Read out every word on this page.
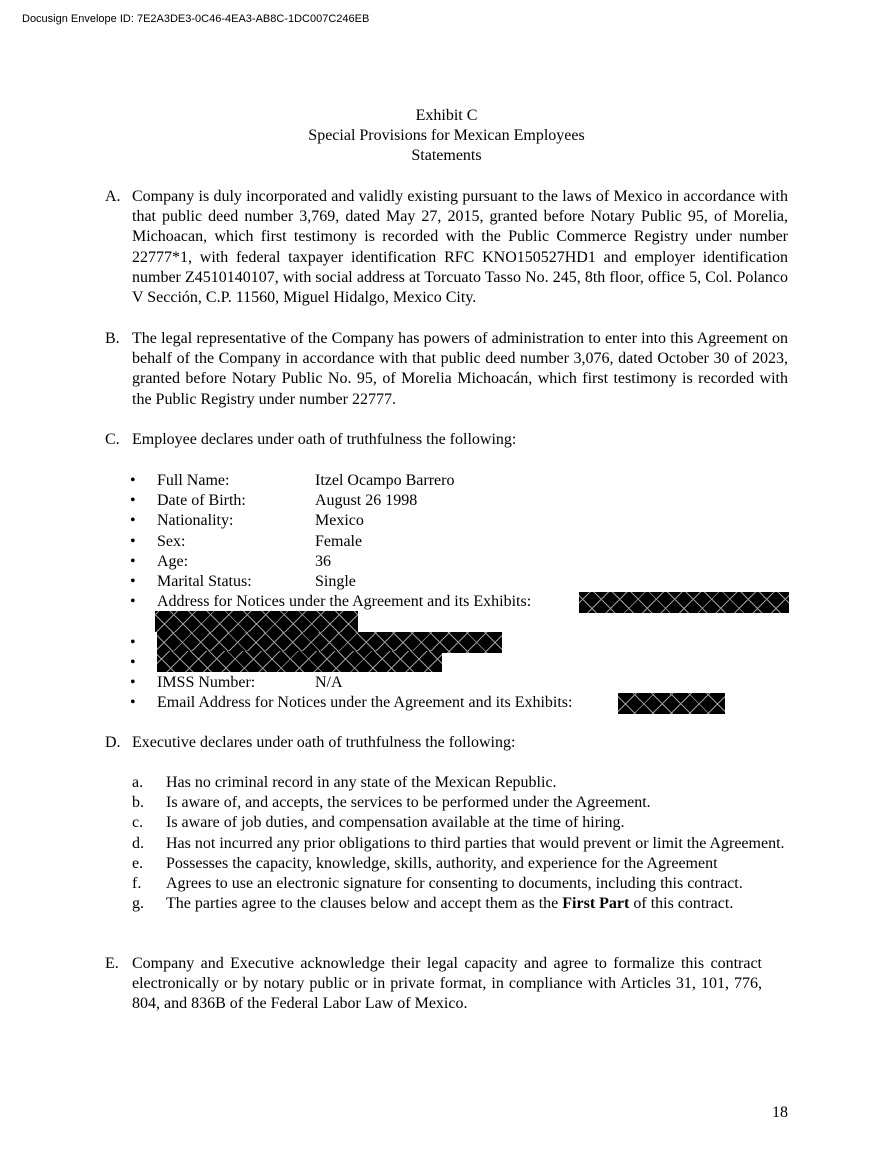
Docusign Envelope ID: 7E2A3DE3-0C46-4EA3-AB8C-1DC007C246EB
Exhibit C
Special Provisions for Mexican Employees
Statements
A. Company is duly incorporated and validly existing pursuant to the laws of Mexico in accordance with that public deed number 3,769, dated May 27, 2015, granted before Notary Public 95, of Morelia, Michoacan, which first testimony is recorded with the Public Commerce Registry under number 22777*1, with federal taxpayer identification RFC KNO150527HD1 and employer identification number Z4510140107, with social address at Torcuato Tasso No. 245, 8th floor, office 5, Col. Polanco V Sección, C.P. 11560, Miguel Hidalgo, Mexico City.
B. The legal representative of the Company has powers of administration to enter into this Agreement on behalf of the Company in accordance with that public deed number 3,076, dated October 30 of 2023, granted before Notary Public No. 95, of Morelia Michoacán, which first testimony is recorded with the Public Registry under number 22777.
C. Employee declares under oath of truthfulness the following:
• Full Name:	Itzel Ocampo Barrero
• Date of Birth:	August 26 1998
• Nationality:	Mexico
• Sex:	Female
• Age:	36
• Marital Status:	Single
• Address for Notices under the Agreement and its Exhibits:
•
•
• IMSS Number:	N/A
• Email Address for Notices under the Agreement and its Exhibits:
D. Executive declares under oath of truthfulness the following:
a. Has no criminal record in any state of the Mexican Republic.
b. Is aware of, and accepts, the services to be performed under the Agreement.
c. Is aware of job duties, and compensation available at the time of hiring.
d. Has not incurred any prior obligations to third parties that would prevent or limit the Agreement.
e. Possesses the capacity, knowledge, skills, authority, and experience for the Agreement
f. Agrees to use an electronic signature for consenting to documents, including this contract.
g. The parties agree to the clauses below and accept them as the First Part of this contract.
E. Company and Executive acknowledge their legal capacity and agree to formalize this contract electronically or by notary public or in private format, in compliance with Articles 31, 101, 776, 804, and 836B of the Federal Labor Law of Mexico.
18
